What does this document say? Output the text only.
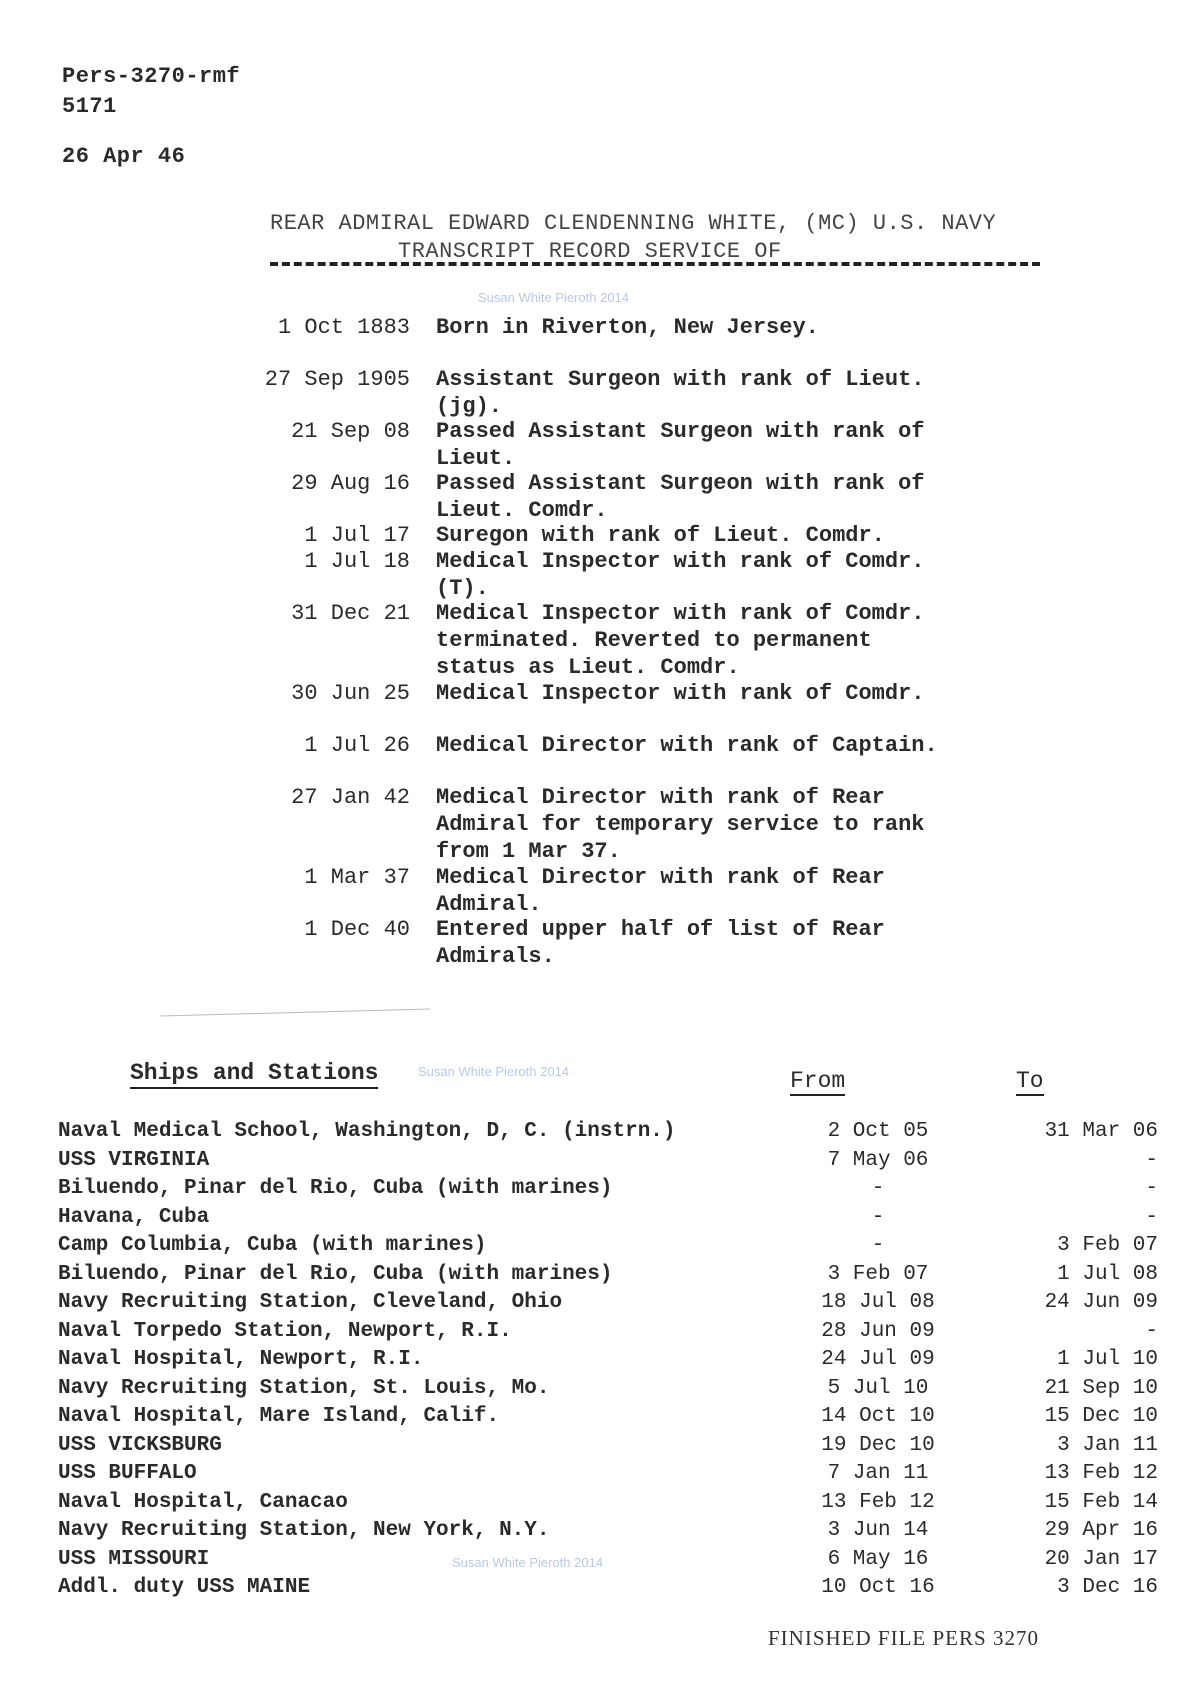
Pers-3270-rmf
5171
26 Apr 46
REAR ADMIRAL EDWARD CLENDENNING WHITE, (MC) U.S. NAVY
TRANSCRIPT RECORD SERVICE OF
Susan White Pieroth 2014
Susan White Pieroth 2014
Susan White Pieroth 2014
1 Oct 1883 Born in Riverton, New Jersey.
27 Sep 1905 Assistant Surgeon with rank of Lieut. (jg).
21 Sep 08 Passed Assistant Surgeon with rank of Lieut.
29 Aug 16 Passed Assistant Surgeon with rank of Lieut. Comdr.
1 Jul 17 Suregon with rank of Lieut. Comdr.
1 Jul 18 Medical Inspector with rank of Comdr. (T).
31 Dec 21 Medical Inspector with rank of Comdr. terminated. Reverted to permanent status as Lieut. Comdr.
30 Jun 25 Medical Inspector with rank of Comdr.
1 Jul 26 Medical Director with rank of Captain.
27 Jan 42 Medical Director with rank of Rear Admiral for temporary service to rank from 1 Mar 37.
1 Mar 37 Medical Director with rank of Rear Admiral.
1 Dec 40 Entered upper half of list of Rear Admirals.
Ships and Stations	From	To
Naval Medical School, Washington, D, C. (instrn.)	2 Oct 05	31 Mar 06
USS VIRGINIA	7 May 06	-
Biluendo, Pinar del Rio, Cuba (with marines)	-	-
Havana, Cuba	-	-
Camp Columbia, Cuba (with marines)	-	3 Feb 07
Biluendo, Pinar del Rio, Cuba (with marines)	3 Feb 07	1 Jul 08
Navy Recruiting Station, Cleveland, Ohio	18 Jul 08	24 Jun 09
Naval Torpedo Station, Newport, R.I.	28 Jun 09	-
Naval Hospital, Newport, R.I.	24 Jul 09	1 Jul 10
Navy Recruiting Station, St. Louis, Mo.	5 Jul 10	21 Sep 10
Naval Hospital, Mare Island, Calif.	14 Oct 10	15 Dec 10
USS VICKSBURG	19 Dec 10	3 Jan 11
USS BUFFALO	7 Jan 11	13 Feb 12
Naval Hospital, Canacao	13 Feb 12	15 Feb 14
Navy Recruiting Station, New York, N.Y.	3 Jun 14	29 Apr 16
USS MISSOURI	6 May 16	20 Jan 17
Addl. duty USS MAINE	10 Oct 16	3 Dec 16
FINISHED FILE PERS 3270
